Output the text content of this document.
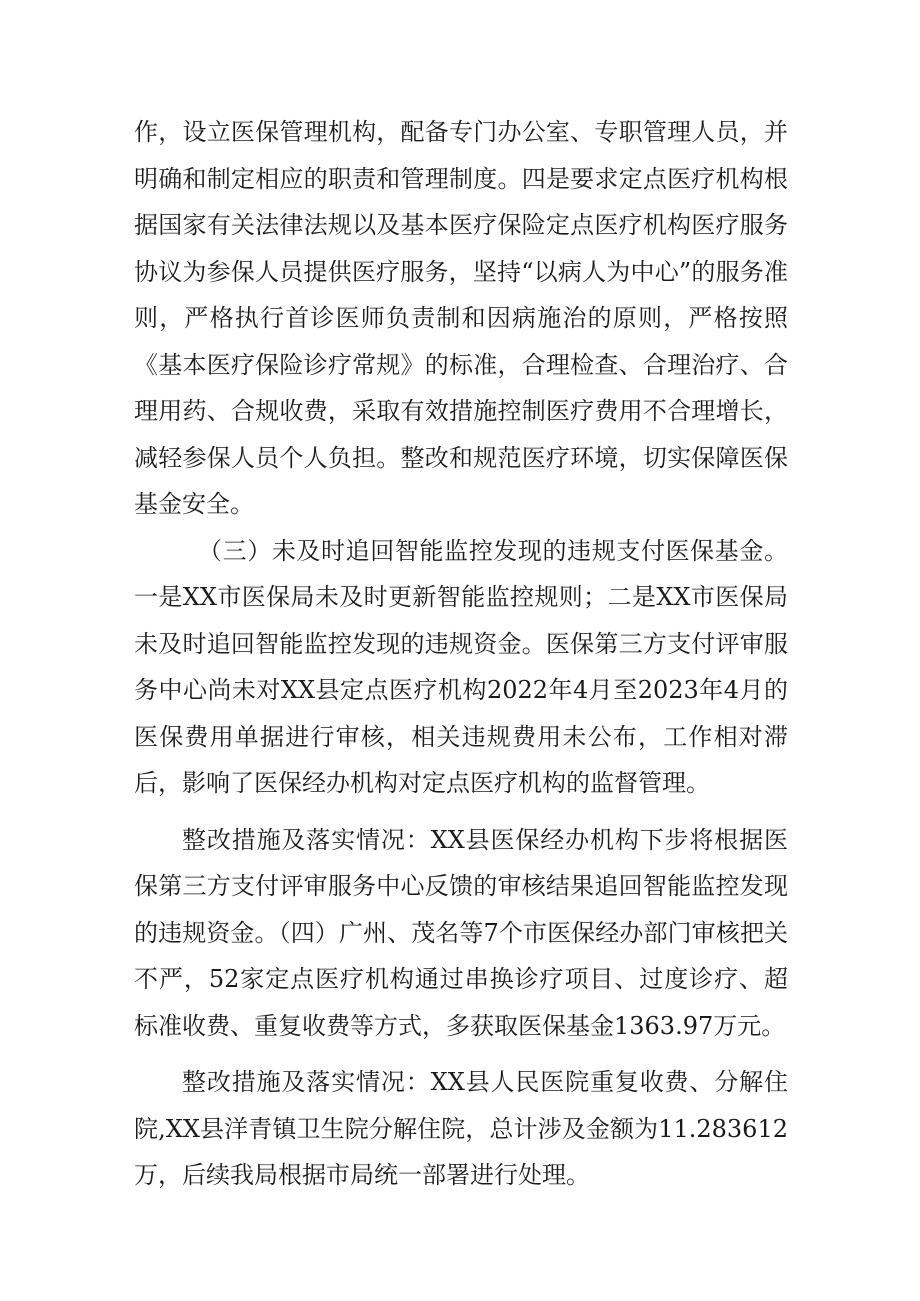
作，设立医保管理机构，配备专门办公室、专职管理人员，并明确和制定相应的职责和管理制度。四是要求定点医疗机构根据国家有关法律法规以及基本医疗保险定点医疗机构医疗服务协议为参保人员提供医疗服务，坚持“以病人为中心”的服务准则，严格执行首诊医师负责制和因病施治的原则，严格按照《基本医疗保险诊疗常规》的标准，合理检查、合理治疗、合理用药、合规收费，采取有效措施控制医疗费用不合理增长，减轻参保人员个人负担。整改和规范医疗环境，切实保障医保基金安全。

（三）未及时追回智能监控发现的违规支付医保基金。一是XX市医保局未及时更新智能监控规则；二是XX市医保局未及时追回智能监控发现的违规资金。医保第三方支付评审服务中心尚未对XX县定点医疗机构2022年4月至2023年4月的医保费用单据进行审核，相关违规费用未公布，工作相对滞后，影响了医保经办机构对定点医疗机构的监督管理。

整改措施及落实情况：XX县医保经办机构下步将根据医保第三方支付评审服务中心反馈的审核结果追回智能监控发现的违规资金。（四）广州、茂名等7个市医保经办部门审核把关不严，52家定点医疗机构通过串换诊疗项目、过度诊疗、超标准收费、重复收费等方式，多获取医保基金1363.97万元。

整改措施及落实情况：XX县人民医院重复收费、分解住院,XX县洋青镇卫生院分解住院，总计涉及金额为11.283612万，后续我局根据市局统一部署进行处理。
